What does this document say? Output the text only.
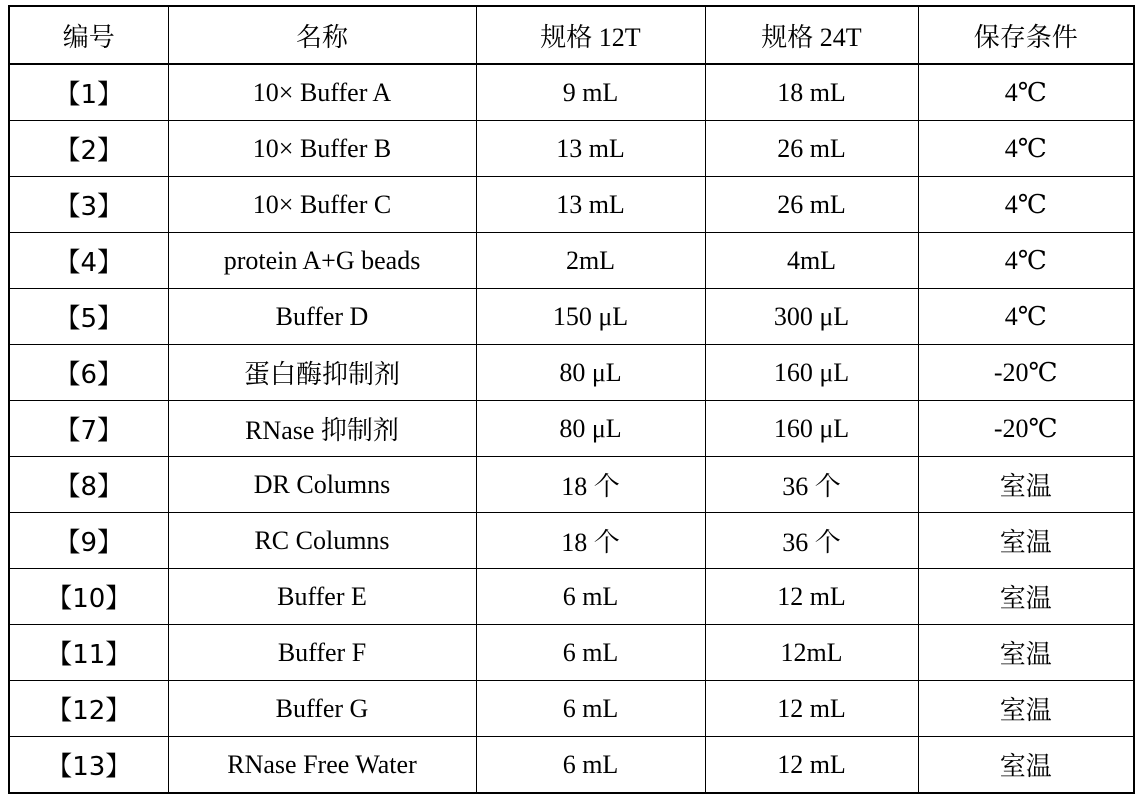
编号	名称	规格 12T	规格 24T	保存条件
【1】	10× Buffer A	9 mL	18 mL	4℃
【2】	10× Buffer B	13 mL	26 mL	4℃
【3】	10× Buffer C	13 mL	26 mL	4℃
【4】	protein A+G beads	2mL	4mL	4℃
【5】	Buffer D	150 μL	300 μL	4℃
【6】	蛋白酶抑制剂	80 μL	160 μL	-20℃
【7】	RNase 抑制剂	80 μL	160 μL	-20℃
【8】	DR Columns	18 个	36 个	室温
【9】	RC Columns	18 个	36 个	室温
【10】	Buffer E	6 mL	12 mL	室温
【11】	Buffer F	6 mL	12mL	室温
【12】	Buffer G	6 mL	12 mL	室温
【13】	RNase Free Water	6 mL	12 mL	室温
